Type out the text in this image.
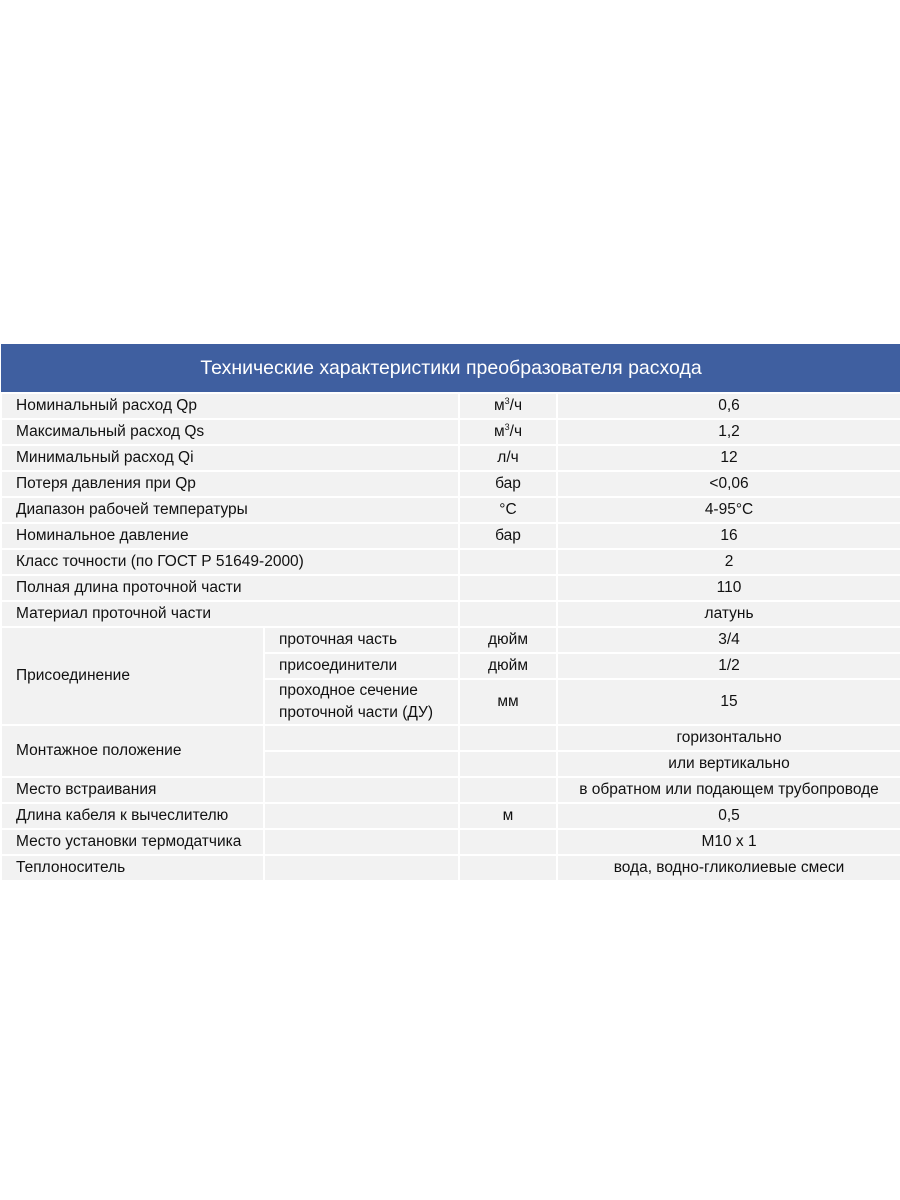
Технические характеристики преобразователя расхода			
Номинальный расход Qp		$м^3/ч$	0,6
Максимальный расход Qs		$м^3/ч$	1,2
Минимальный расход Qi		л/ч	12
Потеря давления при Qp		бар	<0,06
Диапазон рабочей температуры		°С	4-95°С
Номинальное давление		бар	16
Класс точности (по ГОСТ Р 51649-2000)			2
Полная длина проточной части			110
Материал проточной части			латунь
Присоединение	проточная часть	дюйм	3/4
	присоединители	дюйм	1/2
	проходное сечение
проточной части (ДУ)	мм	15
Монтажное положение			горизонтально
			или вертикально
Место встраивания			в обратном или подающем трубопроводе
Длина кабеля к вычеслителю		м	0,5
Место установки термодатчика			М10 х 1
Теплоноситель			вода, водно-гликолиевые смеси
